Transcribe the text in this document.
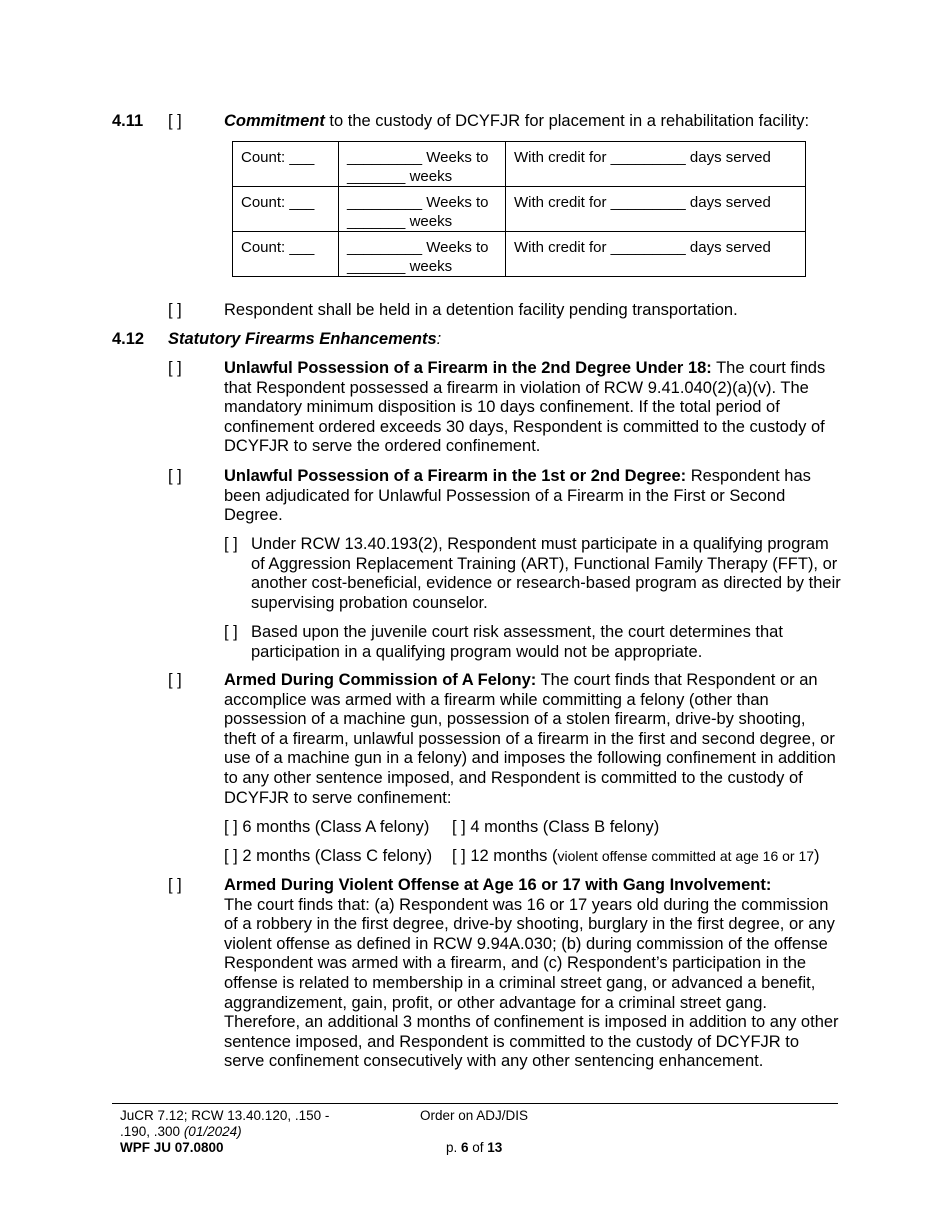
4.11 [ ]	Commitment to the custody of DCYFJR for placement in a rehabilitation facility:
Count: ___	_________ Weeks to _______ weeks	With credit for _________ days served
Count: ___	_________ Weeks to _______ weeks	With credit for _________ days served
Count: ___	_________ Weeks to _______ weeks	With credit for _________ days served
[ ]	Respondent shall be held in a detention facility pending transportation.
4.12 Statutory Firearms Enhancements:
[ ]	Unlawful Possession of a Firearm in the 2nd Degree Under 18: The court finds that Respondent possessed a firearm in violation of RCW 9.41.040(2)(a)(v). The mandatory minimum disposition is 10 days confinement. If the total period of confinement ordered exceeds 30 days, Respondent is committed to the custody of DCYFJR to serve the ordered confinement.
[ ]	Unlawful Possession of a Firearm in the 1st or 2nd Degree: Respondent has been adjudicated for Unlawful Possession of a Firearm in the First or Second Degree.
[ ] Under RCW 13.40.193(2), Respondent must participate in a qualifying program of Aggression Replacement Training (ART), Functional Family Therapy (FFT), or another cost-beneficial, evidence or research-based program as directed by their supervising probation counselor.
[ ] Based upon the juvenile court risk assessment, the court determines that participation in a qualifying program would not be appropriate.
[ ]	Armed During Commission of A Felony: The court finds that Respondent or an accomplice was armed with a firearm while committing a felony (other than possession of a machine gun, possession of a stolen firearm, drive-by shooting, theft of a firearm, unlawful possession of a firearm in the first and second degree, or use of a machine gun in a felony) and imposes the following confinement in addition to any other sentence imposed, and Respondent is committed to the custody of DCYFJR to serve confinement:
[ ] 6 months (Class A felony) [ ] 4 months (Class B felony)
[ ] 2 months (Class C felony) [ ] 12 months (violent offense committed at age 16 or 17)
[ ]	Armed During Violent Offense at Age 16 or 17 with Gang Involvement:
The court finds that: (a) Respondent was 16 or 17 years old during the commission of a robbery in the first degree, drive-by shooting, burglary in the first degree, or any violent offense as defined in RCW 9.94A.030; (b) during commission of the offense Respondent was armed with a firearm, and (c) Respondent’s participation in the offense is related to membership in a criminal street gang, or advanced a benefit, aggrandizement, gain, profit, or other advantage for a criminal street gang. Therefore, an additional 3 months of confinement is imposed in addition to any other sentence imposed, and Respondent is committed to the custody of DCYFJR to serve confinement consecutively with any other sentencing enhancement.
JuCR 7.12; RCW 13.40.120, .150 -
.190, .300 (01/2024)
WPF JU 07.0800
Order on ADJ/DIS
p. 6 of 13
